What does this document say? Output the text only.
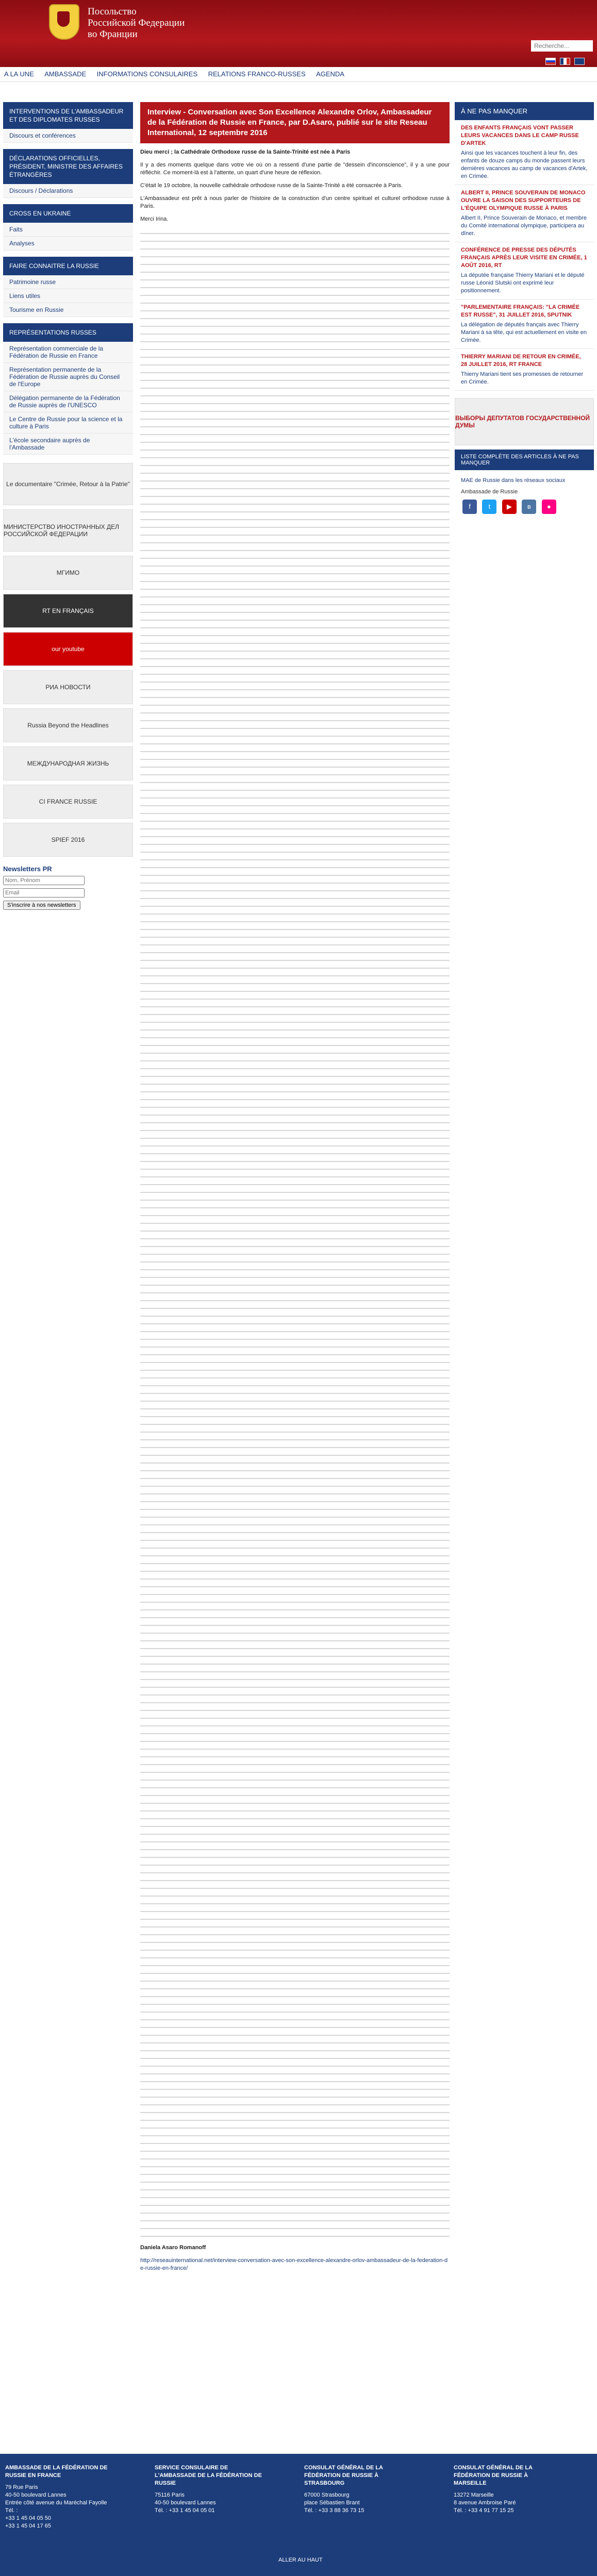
Посольство
Российской Федерации
во Франции
Recherche...
A LA UNE AMBASSADE INFORMATIONS CONSULAIRES RELATIONS FRANCO-RUSSES AGENDA
INTERVENTIONS DE L'AMBASSADEUR ET DES DIPLOMATES RUSSES
Discours et conférences
DÉCLARATIONS OFFICIELLES, PRÉSIDENT, MINISTRE DES AFFAIRES ÉTRANGÈRES
Discours / Déclarations
CROSS EN UKRAINE
Faits
Analyses
FAIRE CONNAITRE LA RUSSIE
Patrimoine russe
Liens utiles
Tourisme en Russie
REPRÉSENTATIONS RUSSES
Représentation commerciale de la Fédération de Russie en France
Représentation permanente de la Fédération de Russie auprès du Conseil de l'Europe
Délégation permanente de la Fédération de Russie auprès de l'UNESCO
Le Centre de Russie pour la science et la culture à Paris
L'école secondaire auprès de l'Ambassade
Le documentaire "Crimée, Retour à la Patrie"
МИНИСТЕРСТВО ИНОСТРАННЫХ ДЕЛ РОССИЙСКОЙ ФЕДЕРАЦИИ
МГИМО
RT EN FRANÇAIS
our youtube
РИА НОВОСТИ
Russia Beyond the Headlines
МЕЖДУНАРОДНАЯ ЖИЗНЬ
CI FRANCE RUSSIE
SPIEF 2016
Newsletters PR
Nom, Prénom Email
S'inscrire à nos newsletters
Interview - Conversation avec Son Excellence Alexandre Orlov, Ambassadeur de la Fédération de Russie en France, par D.Asaro, publié sur le site Reseau International, 12 septembre 2016

Dieu merci ; la Cathédrale Orthodoxe russe de la Sainte-Trinité est née à Paris

Il y a des moments quelque dans votre vie où on a ressenti d'une partie de "dessein d'inconscience", il y a une pour réfléchir. Ce moment-là est à l'attente, un quart d'une heure de réflexion.

C'était le 19 octobre, la nouvelle cathédrale orthodoxe russe de la Sainte-Trinité a été consacrée à Paris.

L'Ambassadeur est prêt à nous parler de l'histoire de la construction d'un centre spirituel et culturel orthodoxe russe à Paris.

Merci Irina.

Daniela Asaro Romanoff

http://reseauinternational.net/interview-conversation-avec-son-excellence-alexandre-orlov-ambassadeur-de-la-federation-de-russie-en-france/

À NE PAS MANQUER
DES ENFANTS FRANÇAIS VONT PASSER LEURS VACANCES DANS LE CAMP RUSSE D'ARTEK
Ainsi que les vacances touchent à leur fin, des enfants de douze camps du monde passent leurs dernières vacances au camp de vacances d'Artek, en Crimée.
ALBERT II, PRINCE SOUVERAIN DE MONACO OUVRE LA SAISON DES SUPPORTEURS DE L'ÉQUIPE OLYMPIQUE RUSSE À PARIS
Albert II, Prince Souverain de Monaco, et membre du Comité international olympique, participera au dîner.
CONFÉRENCE DE PRESSE DES DÉPUTÉS FRANÇAIS APRÈS LEUR VISITE EN CRIMÉE, 1 AOÛT 2016, RT
La députée française Thierry Mariani et le député russe Léonid Slutski ont exprimé leur positionnement.
"PARLEMENTAIRE FRANÇAIS: "LA CRIMÉE EST RUSSE", 31 JUILLET 2016, SPUTNIK
La délégation de députés français avec Thierry Mariani à sa tête, qui est actuellement en visite en Crimée.
THIERRY MARIANI DE RETOUR EN CRIMÉE, 28 JUILLET 2016, RT FRANCE
Thierry Mariani tient ses promesses de retourner en Crimée.
ВЫБОРЫ ДЕПУТАТОВ ГОСУДАРСТВЕННОЙ ДУМЫ
LISTE COMPLÈTE DES ARTICLES À NE PAS MANQUER
MAE de Russie dans les réseaux sociaux
Ambassade de Russie
f	t ▶ в ●
AMBASSADE DE LA FÉDÉRATION DE RUSSIE EN FRANCE
79 Rue Paris
40-50 boulevard Lannes
Entrée côté avenue du Maréchal Fayolle
Tél. :
+33 1 45 04 05 50
+33 1 45 04 17 65
SERVICE CONSULAIRE DE L'AMBASSADE DE LA FÉDÉRATION DE RUSSIE
75116 Paris
40-50 boulevard Lannes
Tél. : +33 1 45 04 05 01
CONSULAT GÉNÉRAL DE LA FÉDÉRATION DE RUSSIE À STRASBOURG
67000 Strasbourg
place Sébastien Brant
Tél. : +33 3 88 36 73 15
CONSULAT GÉNÉRAL DE LA FÉDÉRATION DE RUSSIE À MARSEILLE
13272 Marseille
8 avenue Ambroise Paré
Tél. : +33 4 91 77 15 25
ALLER AU HAUT
